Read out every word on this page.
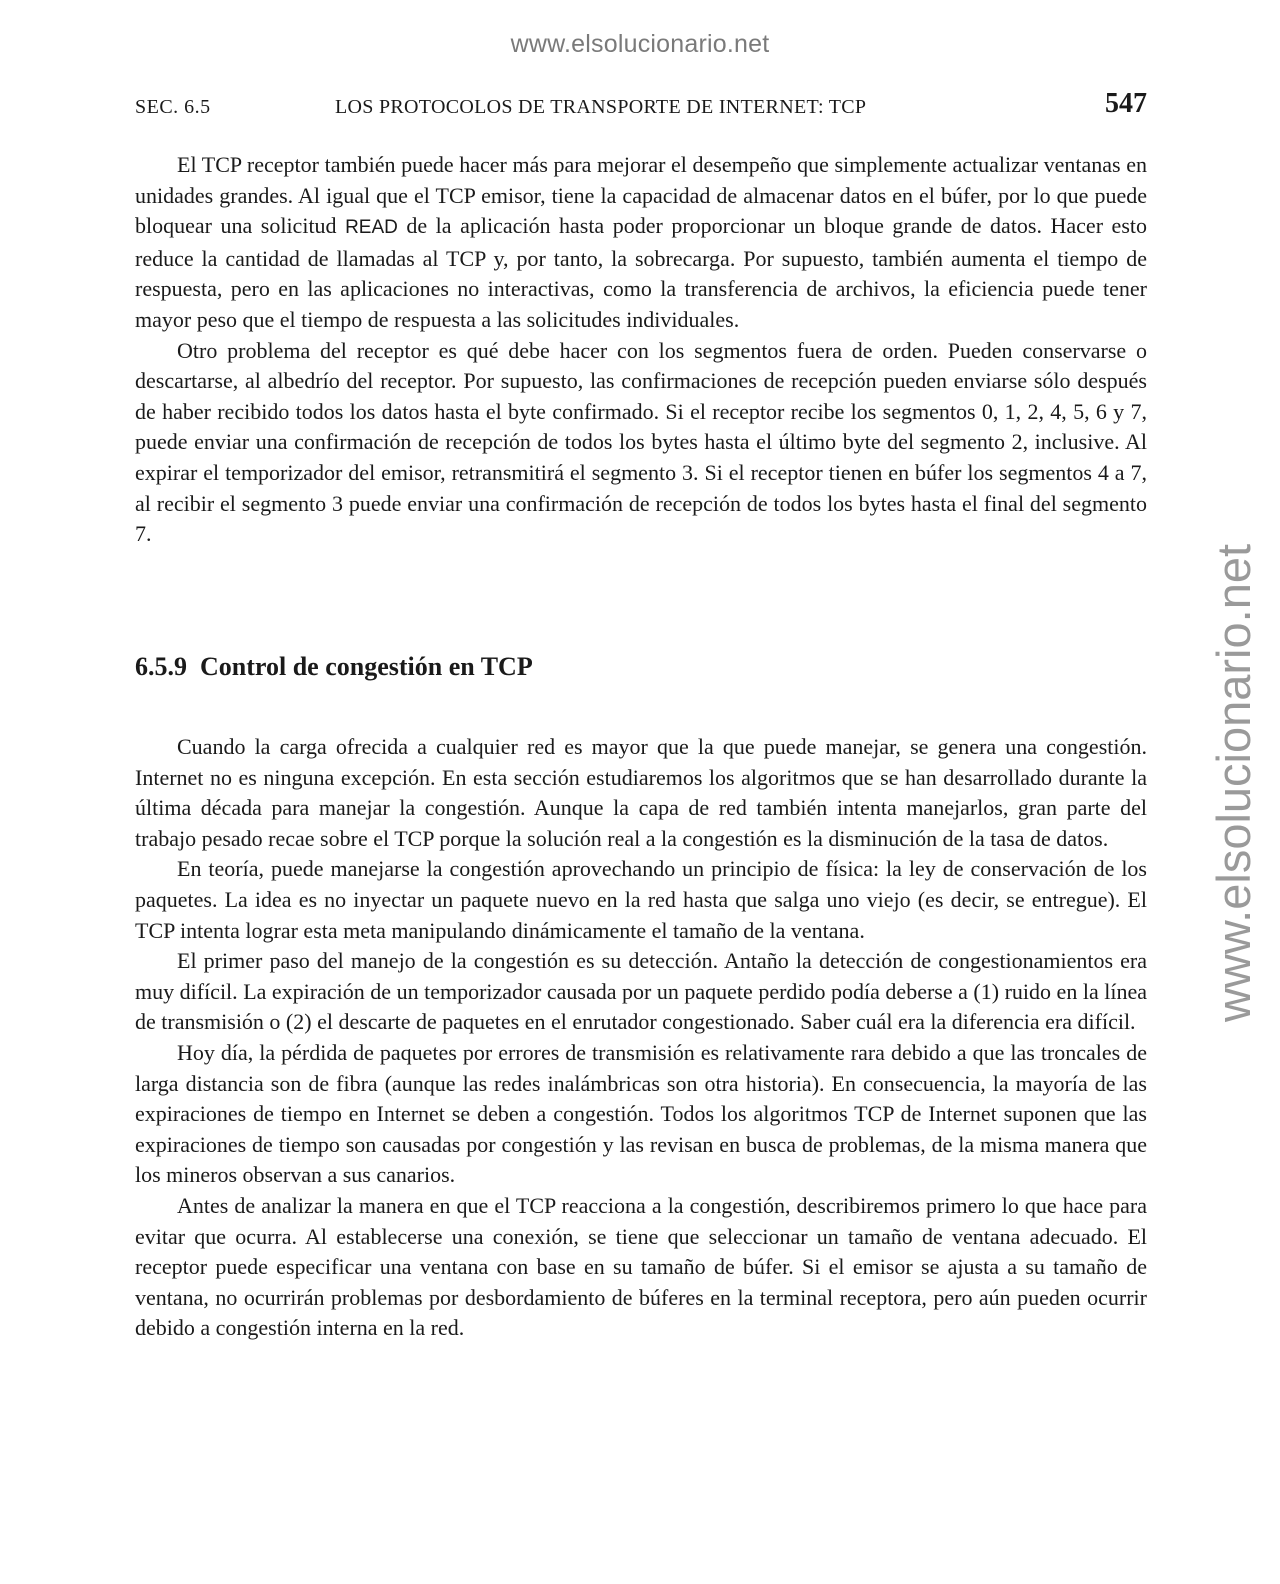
www.elsolucionario.net
www.elsolucionario.net
SEC. 6.5	LOS PROTOCOLOS DE TRANSPORTE DE INTERNET: TCP	547

El TCP receptor también puede hacer más para mejorar el desempeño que simplemente actualizar ventanas en unidades grandes. Al igual que el TCP emisor, tiene la capacidad de almacenar datos en el búfer, por lo que puede bloquear una solicitud READ de la aplicación hasta poder proporcionar un bloque grande de datos. Hacer esto reduce la cantidad de llamadas al TCP y, por tanto, la sobrecarga. Por supuesto, también aumenta el tiempo de respuesta, pero en las aplicaciones no interactivas, como la transferencia de archivos, la eficiencia puede tener mayor peso que el tiempo de respuesta a las solicitudes individuales.

Otro problema del receptor es qué debe hacer con los segmentos fuera de orden. Pueden conservarse o descartarse, al albedrío del receptor. Por supuesto, las confirmaciones de recepción pueden enviarse sólo después de haber recibido todos los datos hasta el byte confirmado. Si el receptor recibe los segmentos 0, 1, 2, 4, 5, 6 y 7, puede enviar una confirmación de recepción de todos los bytes hasta el último byte del segmento 2, inclusive. Al expirar el temporizador del emisor, retransmitirá el segmento 3. Si el receptor tienen en búfer los segmentos 4 a 7, al recibir el segmento 3 puede enviar una confirmación de recepción de todos los bytes hasta el final del segmento 7.

6.5.9 Control de congestión en TCP

Cuando la carga ofrecida a cualquier red es mayor que la que puede manejar, se genera una congestión. Internet no es ninguna excepción. En esta sección estudiaremos los algoritmos que se han desarrollado durante la última década para manejar la congestión. Aunque la capa de red también intenta manejarlos, gran parte del trabajo pesado recae sobre el TCP porque la solución real a la congestión es la disminución de la tasa de datos.

En teoría, puede manejarse la congestión aprovechando un principio de física: la ley de conservación de los paquetes. La idea es no inyectar un paquete nuevo en la red hasta que salga uno viejo (es decir, se entregue). El TCP intenta lograr esta meta manipulando dinámicamente el tamaño de la ventana.

El primer paso del manejo de la congestión es su detección. Antaño la detección de congestionamientos era muy difícil. La expiración de un temporizador causada por un paquete perdido podía deberse a (1) ruido en la línea de transmisión o (2) el descarte de paquetes en el enrutador congestionado. Saber cuál era la diferencia era difícil.

Hoy día, la pérdida de paquetes por errores de transmisión es relativamente rara debido a que las troncales de larga distancia son de fibra (aunque las redes inalámbricas son otra historia). En consecuencia, la mayoría de las expiraciones de tiempo en Internet se deben a congestión. Todos los algoritmos TCP de Internet suponen que las expiraciones de tiempo son causadas por congestión y las revisan en busca de problemas, de la misma manera que los mineros observan a sus canarios.

Antes de analizar la manera en que el TCP reacciona a la congestión, describiremos primero lo que hace para evitar que ocurra. Al establecerse una conexión, se tiene que seleccionar un tamaño de ventana adecuado. El receptor puede especificar una ventana con base en su tamaño de búfer. Si el emisor se ajusta a su tamaño de ventana, no ocurrirán problemas por desbordamiento de búferes en la terminal receptora, pero aún pueden ocurrir debido a congestión interna en la red.
